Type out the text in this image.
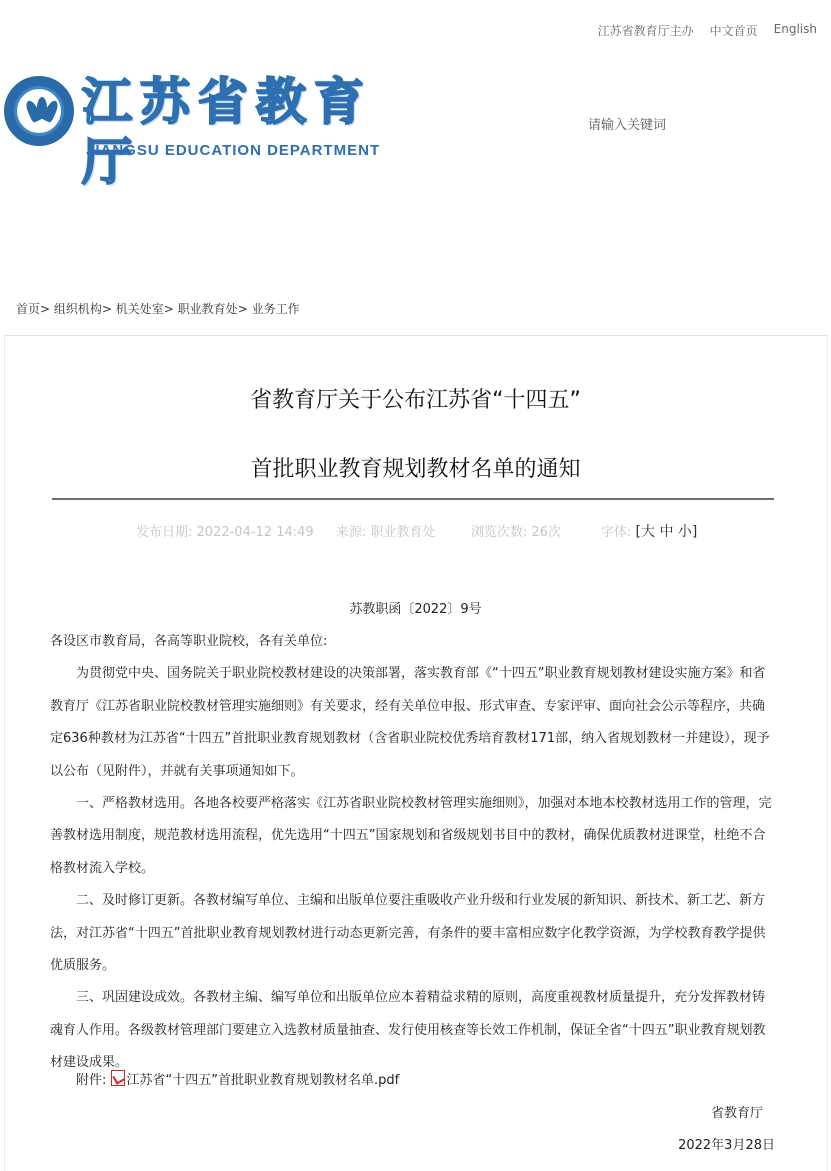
江苏省教育厅主办 中文首页 English
江苏省教育厅
JIANGSU EDUCATION DEPARTMENT
请输入关键词
首页> 组织机构> 机关处室> 职业教育处> 业务工作
省教育厅关于公布江苏省“十四五”
首批职业教育规划教材名单的通知
发布日期: 2022-04-12 14:49	来源: 职业教育处	浏览次数: 26次	字体: [大 中 小]
苏教职函〔2022〕9号

各设区市教育局，各高等职业院校，各有关单位:

为贯彻党中央、国务院关于职业院校教材建设的决策部署，落实教育部《“十四五”职业教育规划教材建设实施方案》和省教育厅《江苏省职业院校教材管理实施细则》有关要求，经有关单位申报、形式审查、专家评审、面向社会公示等程序，共确定636种教材为江苏省“十四五”首批职业教育规划教材（含省职业院校优秀培育教材171部，纳入省规划教材一并建设），现予以公布（见附件），并就有关事项通知如下。

一、严格教材选用。各地各校要严格落实《江苏省职业院校教材管理实施细则》，加强对本地本校教材选用工作的管理，完善教材选用制度，规范教材选用流程，优先选用“十四五”国家规划和省级规划书目中的教材，确保优质教材进课堂，杜绝不合格教材流入学校。

二、及时修订更新。各教材编写单位、主编和出版单位要注重吸收产业升级和行业发展的新知识、新技术、新工艺、新方法，对江苏省“十四五”首批职业教育规划教材进行动态更新完善，有条件的要丰富相应数字化教学资源，为学校教育教学提供优质服务。

三、巩固建设成效。各教材主编、编写单位和出版单位应本着精益求精的原则，高度重视教材质量提升，充分发挥教材铸魂育人作用。各级教材管理部门要建立入选教材质量抽查、发行使用核查等长效工作机制，保证全省“十四五”职业教育规划教材建设成果。

附件: 江苏省“十四五”首批职业教育规划教材名单.pdf
省教育厅
2022年3月28日
